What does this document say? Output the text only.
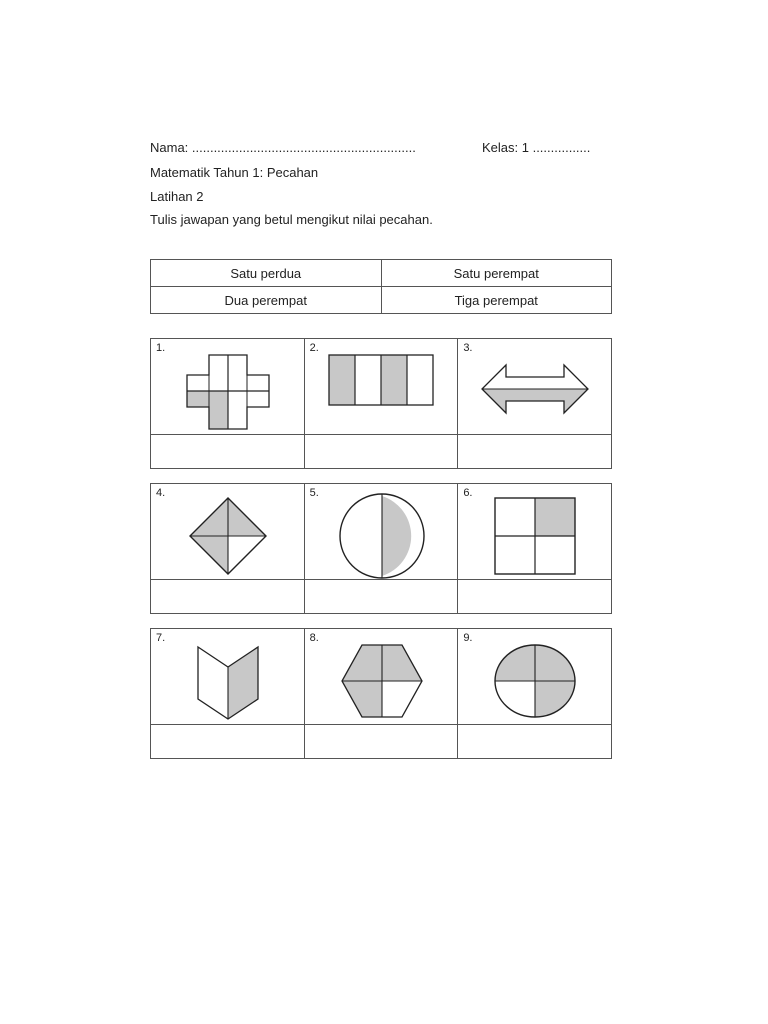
Nama: ..............................................................	Kelas: 1 ................
Matematik Tahun 1: Pecahan
Latihan 2
Tulis jawapan yang betul mengikut nilai pecahan.
Satu perdua	Satu perempat
Dua perempat	Tiga perempat
1.	2.	3.

4.	5.	6.

7.	8.	9.
